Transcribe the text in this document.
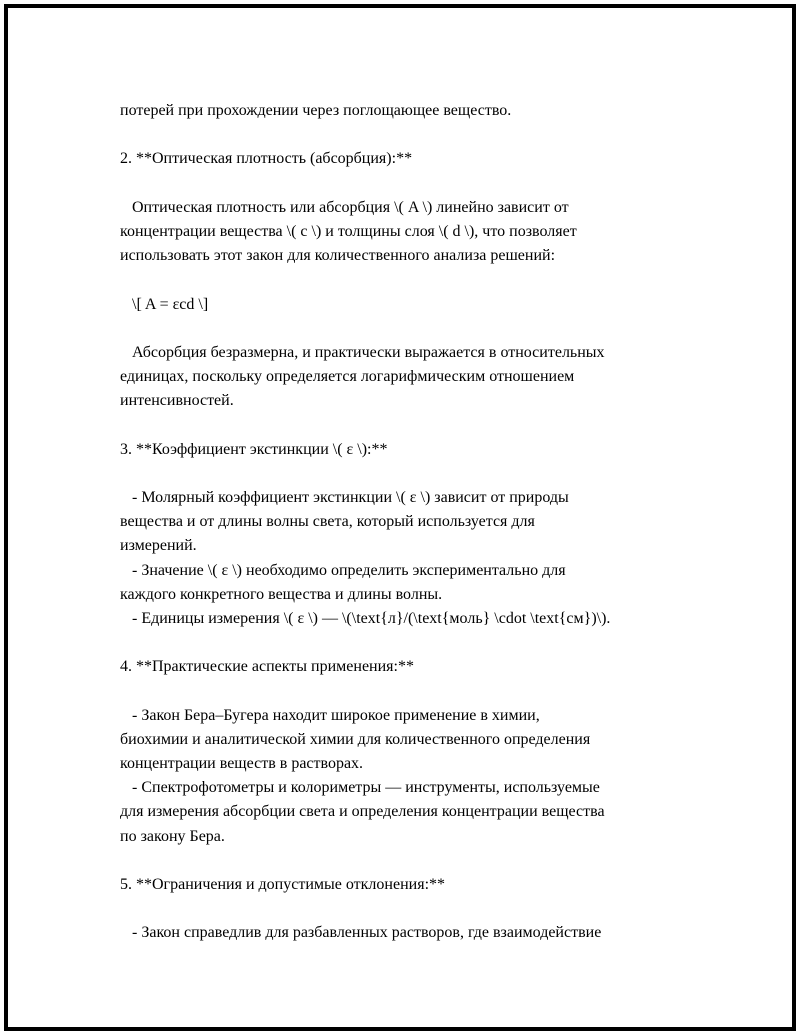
потерей при прохождении через поглощающее вещество.
2. **Оптическая плотность (абсорбция):**
Оптическая плотность или абсорбция \( A \) линейно зависит от
концентрации вещества \( c \) и толщины слоя \( d \), что позволяет
использовать этот закон для количественного анализа решений:
\[ A = εcd \]
Абсорбция безразмерна, и практически выражается в относительных
единицах, поскольку определяется логарифмическим отношением
интенсивностей.
3. **Коэффициент экстинкции \( ε \):**
- Молярный коэффициент экстинкции \( ε \) зависит от природы
вещества и от длины волны света, который используется для
измерений.
- Значение \( ε \) необходимо определить экспериментально для
каждого конкретного вещества и длины волны.
- Единицы измерения \( ε \) — \(\text{л}/(\text{моль} \cdot \text{см})\).
4. **Практические аспекты применения:**
- Закон Бера–Бугера находит широкое применение в химии,
биохимии и аналитической химии для количественного определения
концентрации веществ в растворах.
- Спектрофотометры и колориметры — инструменты, используемые
для измерения абсорбции света и определения концентрации вещества
по закону Бера.
5. **Ограничения и допустимые отклонения:**
- Закон справедлив для разбавленных растворов, где взаимодействие
